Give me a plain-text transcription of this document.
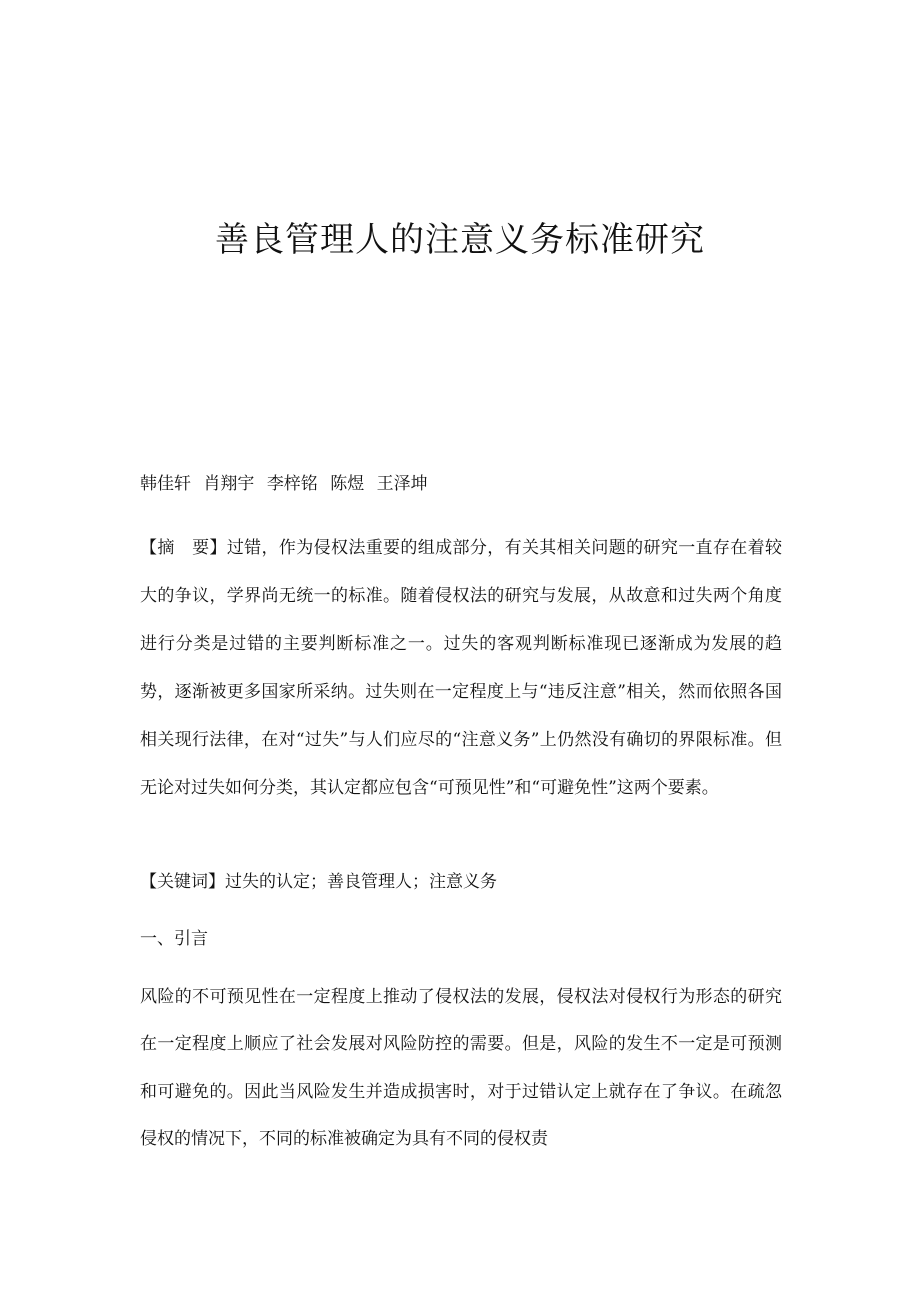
善良管理人的注意义务标准研究

韩佳轩 肖翔宇 李梓铭 陈煜 王泽坤

【摘　要】过错，作为侵权法重要的组成部分，有关其相关问题的研究一直存在着较大的争议，学界尚无统一的标准。随着侵权法的研究与发展，从故意和过失两个角度进行分类是过错的主要判断标准之一。过失的客观判断标准现已逐渐成为发展的趋势，逐渐被更多国家所采纳。过失则在一定程度上与“违反注意”相关，然而依照各国相关现行法律，在对“过失”与人们应尽的“注意义务”上仍然没有确切的界限标准。但无论对过失如何分类，其认定都应包含“可预见性”和“可避免性”这两个要素。

【关键词】过失的认定；善良管理人；注意义务

一、引言

风险的不可预见性在一定程度上推动了侵权法的发展，侵权法对侵权行为形态的研究在一定程度上顺应了社会发展对风险防控的需要。但是，风险的发生不一定是可预测和可避免的。因此当风险发生并造成损害时，对于过错认定上就存在了争议。在疏忽侵权的情况下，不同的标准被确定为具有不同的侵权责
